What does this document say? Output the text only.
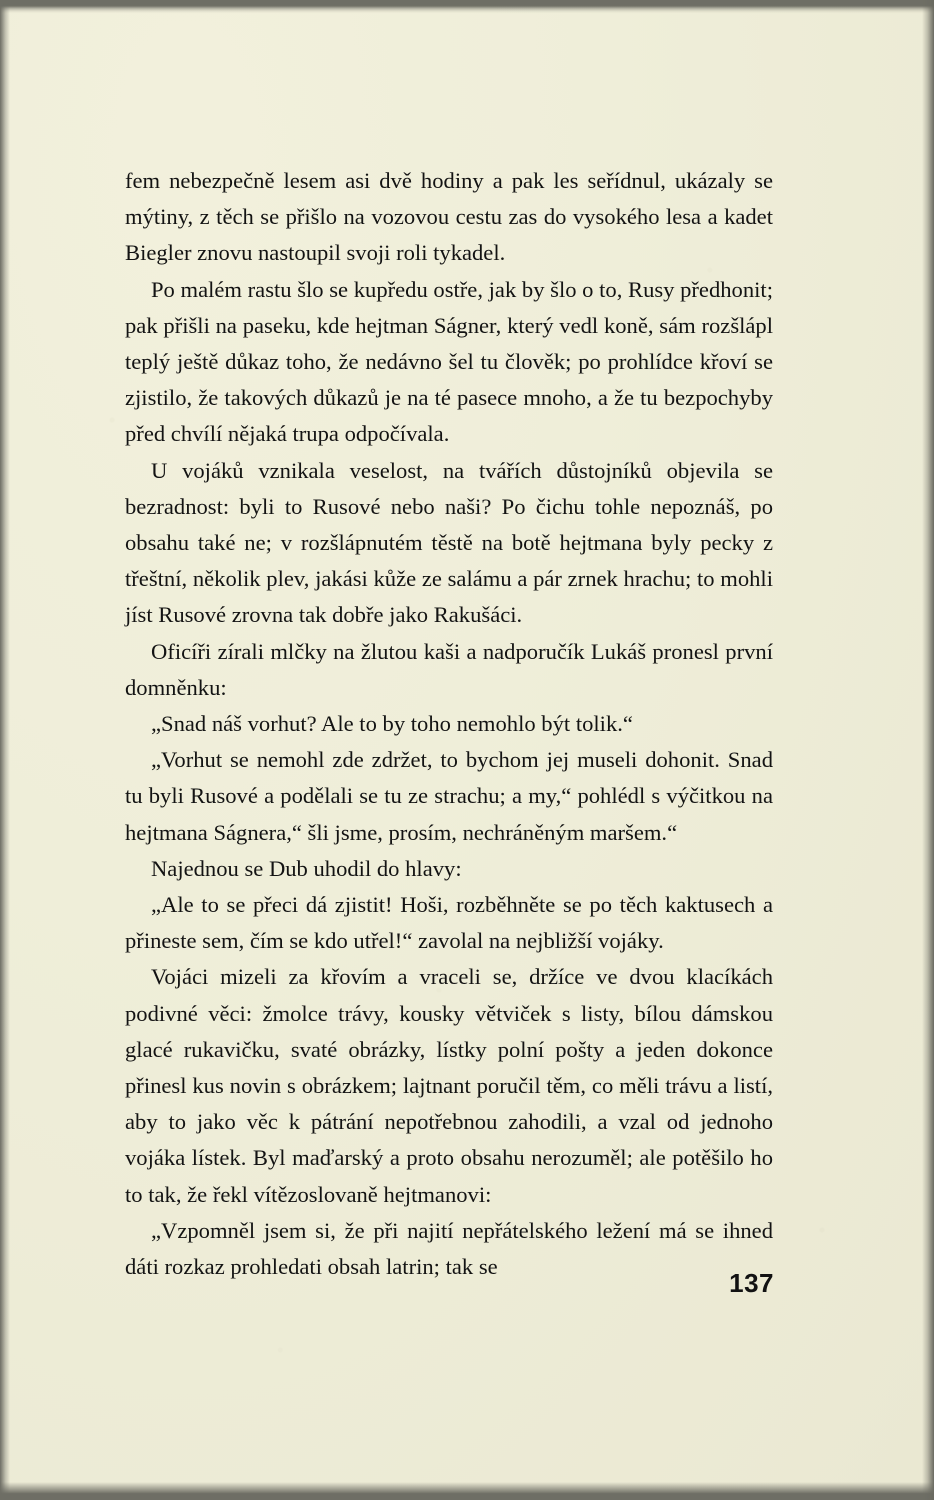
fem nebezpečně lesem asi dvě hodiny a pak les seřídnul, ukázaly se mýtiny, z těch se přišlo na vozovou cestu zas do vysokého lesa a kadet Biegler znovu nastoupil svoji roli tykadel.

Po malém rastu šlo se kupředu ostře, jak by šlo o to, Rusy předhonit; pak přišli na paseku, kde hejtman Ságner, který vedl koně, sám rozšlápl teplý ještě důkaz toho, že nedávno šel tu člověk; po prohlídce křoví se zjistilo, že takových důkazů je na té pasece mnoho, a že tu bezpochyby před chvílí nějaká trupa odpočívala.

U vojáků vznikala veselost, na tvářích důstojníků objevila se bezradnost: byli to Rusové nebo naši? Po čichu tohle nepoznáš, po obsahu také ne; v rozšlápnutém těstě na botě hejtmana byly pecky z třeštní, několik plev, jakási kůže ze salámu a pár zrnek hrachu; to mohli jíst Rusové zrovna tak dobře jako Rakušáci.

Oficíři zírali mlčky na žlutou kaši a nadporučík Lukáš pronesl první domněnku:

„Snad náš vorhut? Ale to by toho nemohlo být tolik.“

„Vorhut se nemohl zde zdržet, to bychom jej museli dohonit. Snad tu byli Rusové a podělali se tu ze strachu; a my,“ pohlédl s výčitkou na hejtmana Ságnera,“ šli jsme, prosím, nechráněným maršem.“

Najednou se Dub uhodil do hlavy:

„Ale to se přeci dá zjistit! Hoši, rozběhněte se po těch kaktusech a přineste sem, čím se kdo utřel!“ zavolal na nejbližší vojáky.

Vojáci mizeli za křovím a vraceli se, držíce ve dvou klacíkách podivné věci: žmolce trávy, kousky větviček s listy, bílou dámskou glacé rukavičku, svaté obrázky, lístky polní pošty a jeden dokonce přinesl kus novin s obrázkem; lajtnant poručil těm, co měli trávu a listí, aby to jako věc k pátrání nepotřebnou zahodili, a vzal od jednoho vojáka lístek. Byl maďarský a proto obsahu nerozuměl; ale potěšilo ho to tak, že řekl vítězoslovaně hejtmanovi:

„Vzpomněl jsem si, že při najití nepřátelského ležení má se ihned dáti rozkaz prohledati obsah latrin; tak se

137
